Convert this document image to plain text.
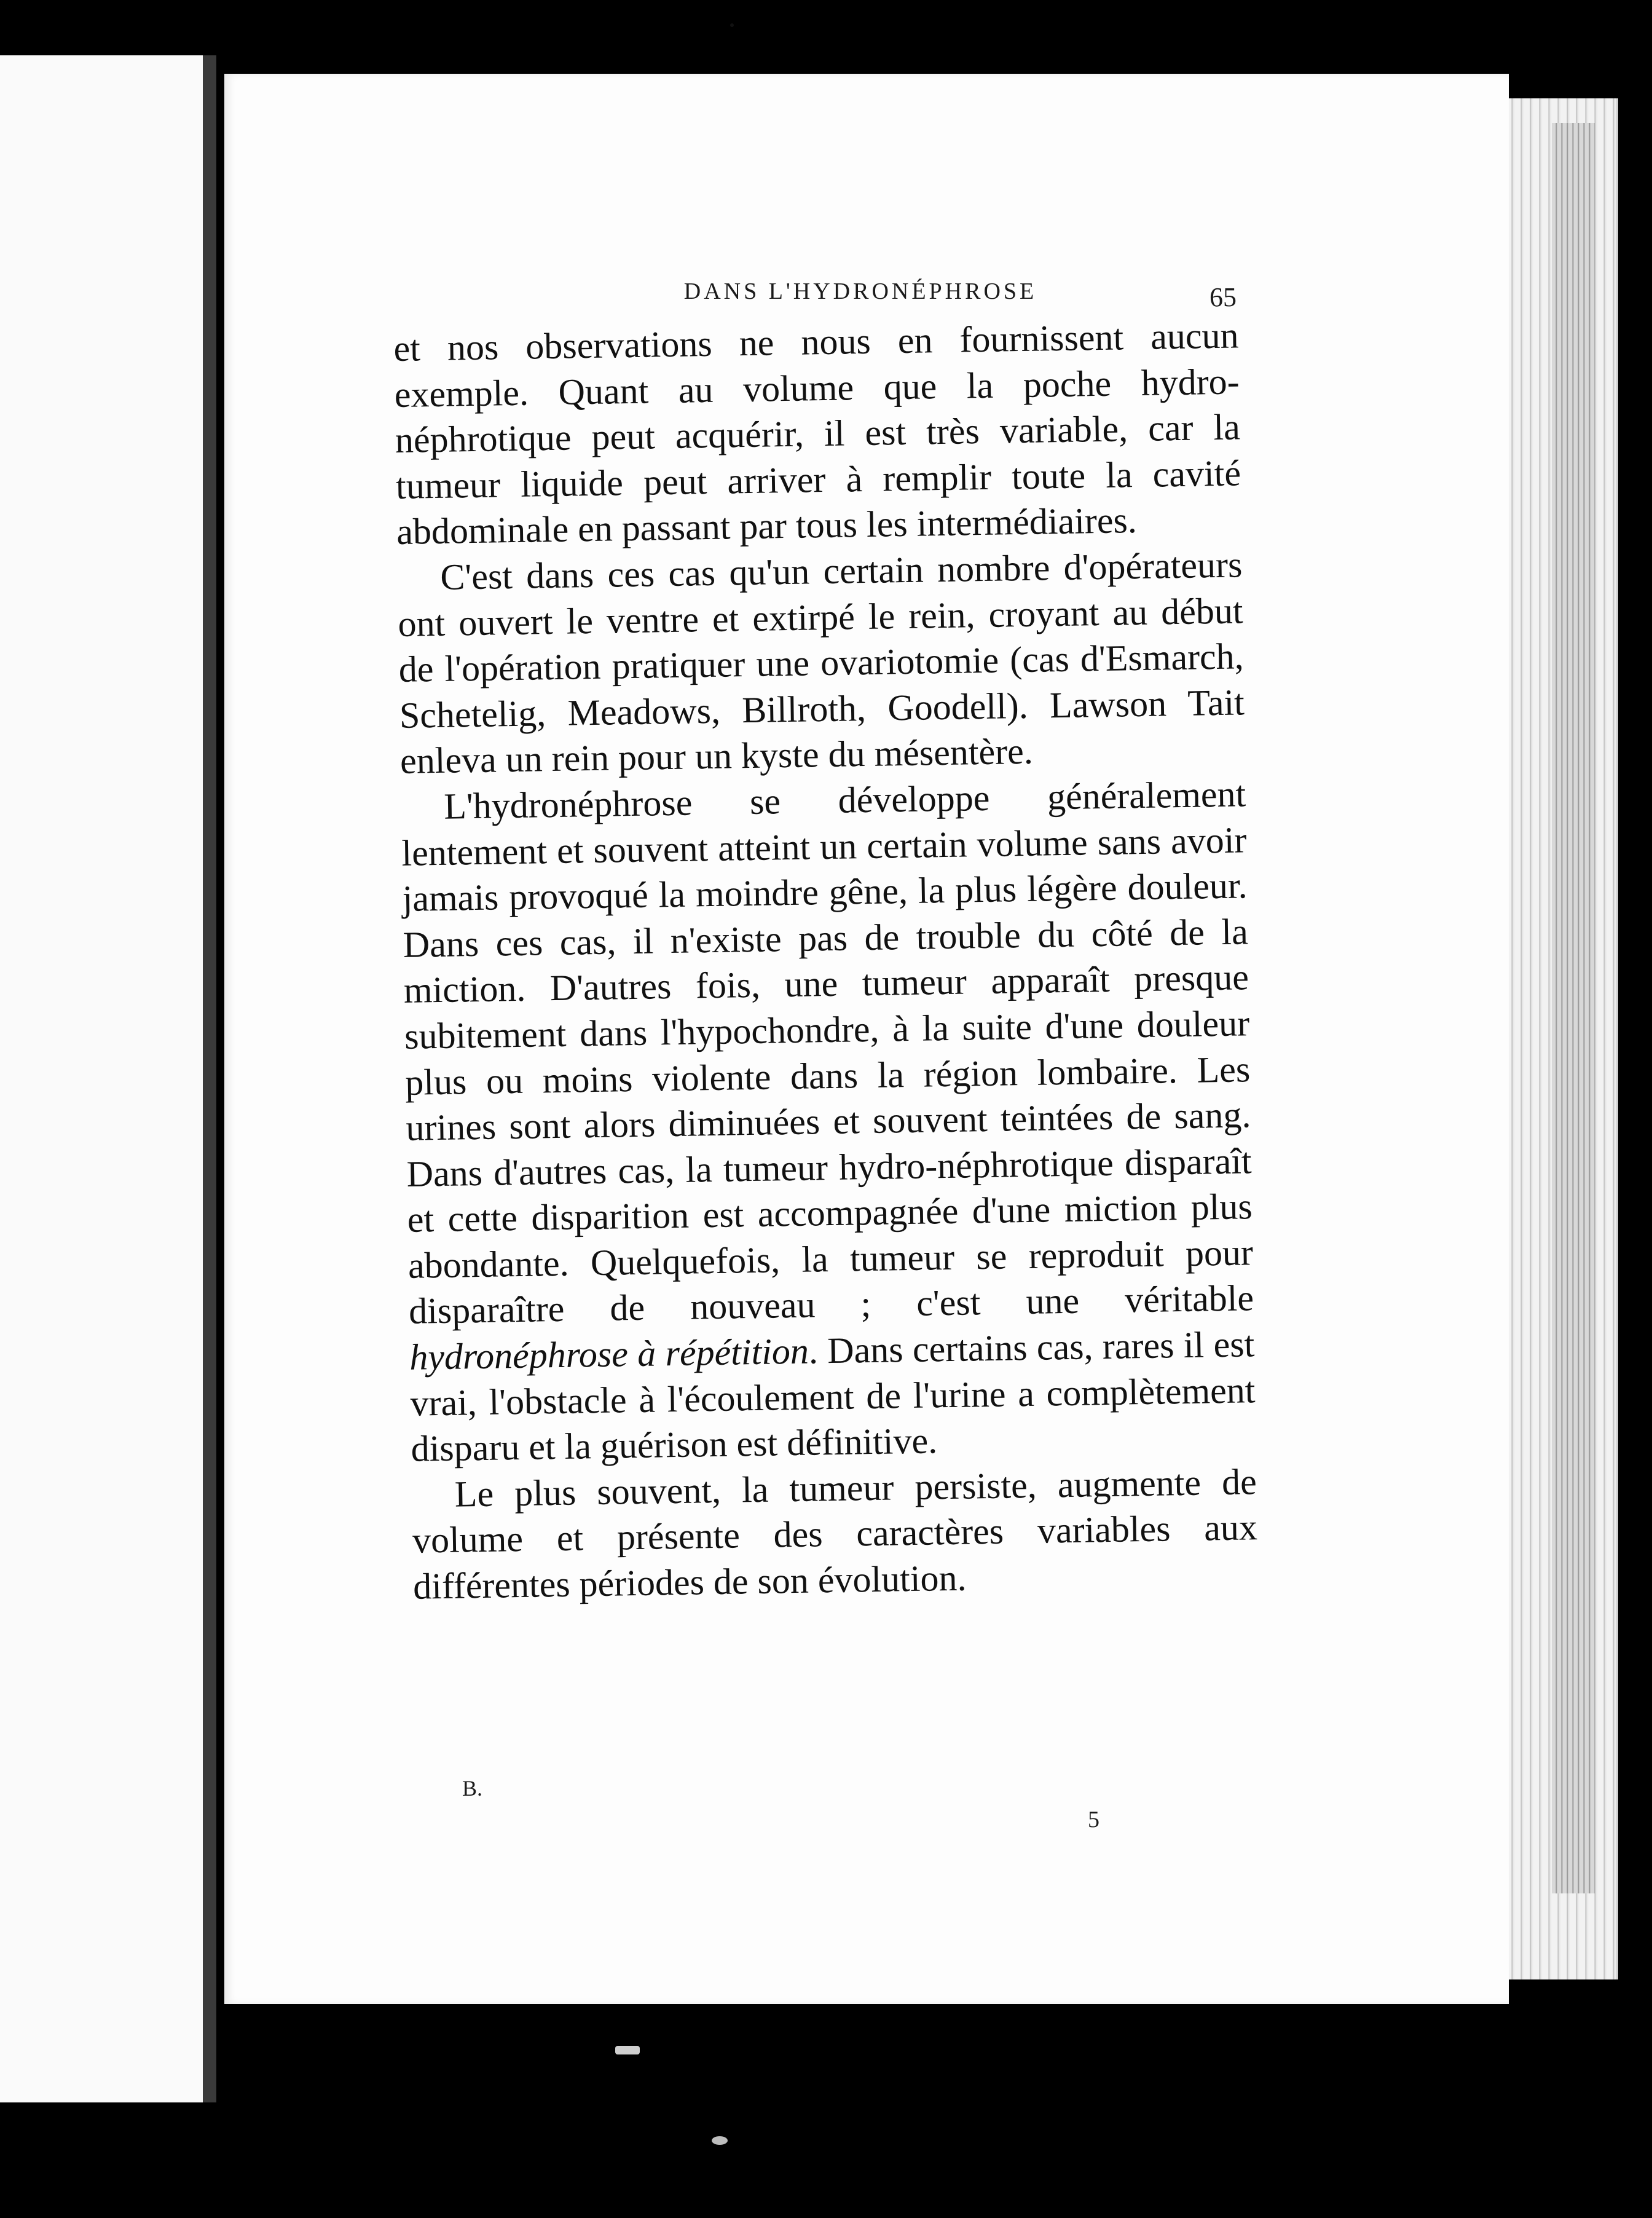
DANS L'HYDRONÉPHROSE	65

et nos observations ne nous en fournissent aucun exemple. Quant au volume que la poche hydro-néphrotique peut acquérir, il est très variable, car la tumeur liquide peut arriver à remplir toute la cavité abdominale en passant par tous les intermédiaires.

C'est dans ces cas qu'un certain nombre d'opérateurs ont ouvert le ventre et extirpé le rein, croyant au début de l'opération pratiquer une ovariotomie (cas d'Esmarch, Schetelig, Meadows, Billroth, Goodell). Lawson Tait enleva un rein pour un kyste du mésentère.

L'hydronéphrose se développe généralement lentement et souvent atteint un certain volume sans avoir jamais provoqué la moindre gêne, la plus légère douleur. Dans ces cas, il n'existe pas de trouble du côté de la miction. D'autres fois, une tumeur apparaît presque subitement dans l'hypochondre, à la suite d'une douleur plus ou moins violente dans la région lombaire. Les urines sont alors diminuées et souvent teintées de sang. Dans d'autres cas, la tumeur hydro-néphrotique disparaît et cette disparition est accompagnée d'une miction plus abondante. Quelquefois, la tumeur se reproduit pour disparaître de nouveau ; c'est une véritable hydronéphrose à répétition. Dans certains cas, rares il est vrai, l'obstacle à l'écoulement de l'urine a complètement disparu et la guérison est définitive.

Le plus souvent, la tumeur persiste, augmente de volume et présente des caractères variables aux différentes périodes de son évolution.

B.
5
